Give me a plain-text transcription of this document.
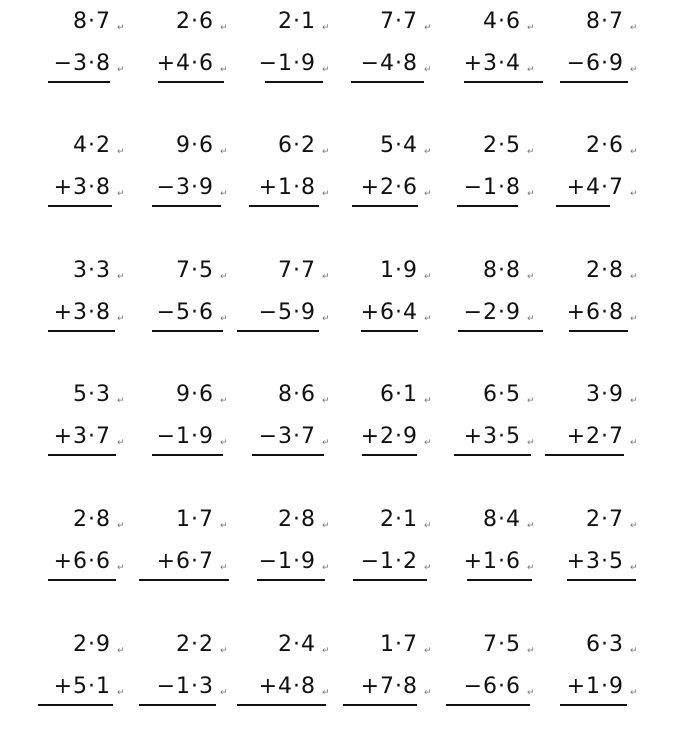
8·7
−3·8
↵
↵
2·6
+4·6
↵
↵
2·1
−1·9
↵
↵
7·7
−4·8
↵
↵
4·6
+3·4
↵
↵
8·7
−6·9
↵
↵
4·2
+3·8
↵
↵
9·6
−3·9
↵
↵
6·2
+1·8
↵
↵
5·4
+2·6
↵
↵
2·5
−1·8
↵
↵
2·6
+4·7
↵
↵
3·3
+3·8
↵
↵
7·5
−5·6
↵
↵
7·7
−5·9
↵
↵
1·9
+6·4
↵
↵
8·8
−2·9
↵
↵
2·8
+6·8
↵
↵
5·3
+3·7
↵
↵
9·6
−1·9
↵
↵
8·6
−3·7
↵
↵
6·1
+2·9
↵
↵
6·5
+3·5
↵
↵
3·9
+2·7
↵
↵
2·8
+6·6
↵
↵
1·7
+6·7
↵
↵
2·8
−1·9
↵
↵
2·1
−1·2
↵
↵
8·4
+1·6
↵
↵
2·7
+3·5
↵
↵
2·9
+5·1
↵
↵
2·2
−1·3
↵
↵
2·4
+4·8
↵
↵
1·7
+7·8
↵
↵
7·5
−6·6
↵
↵
6·3
+1·9
↵
↵
